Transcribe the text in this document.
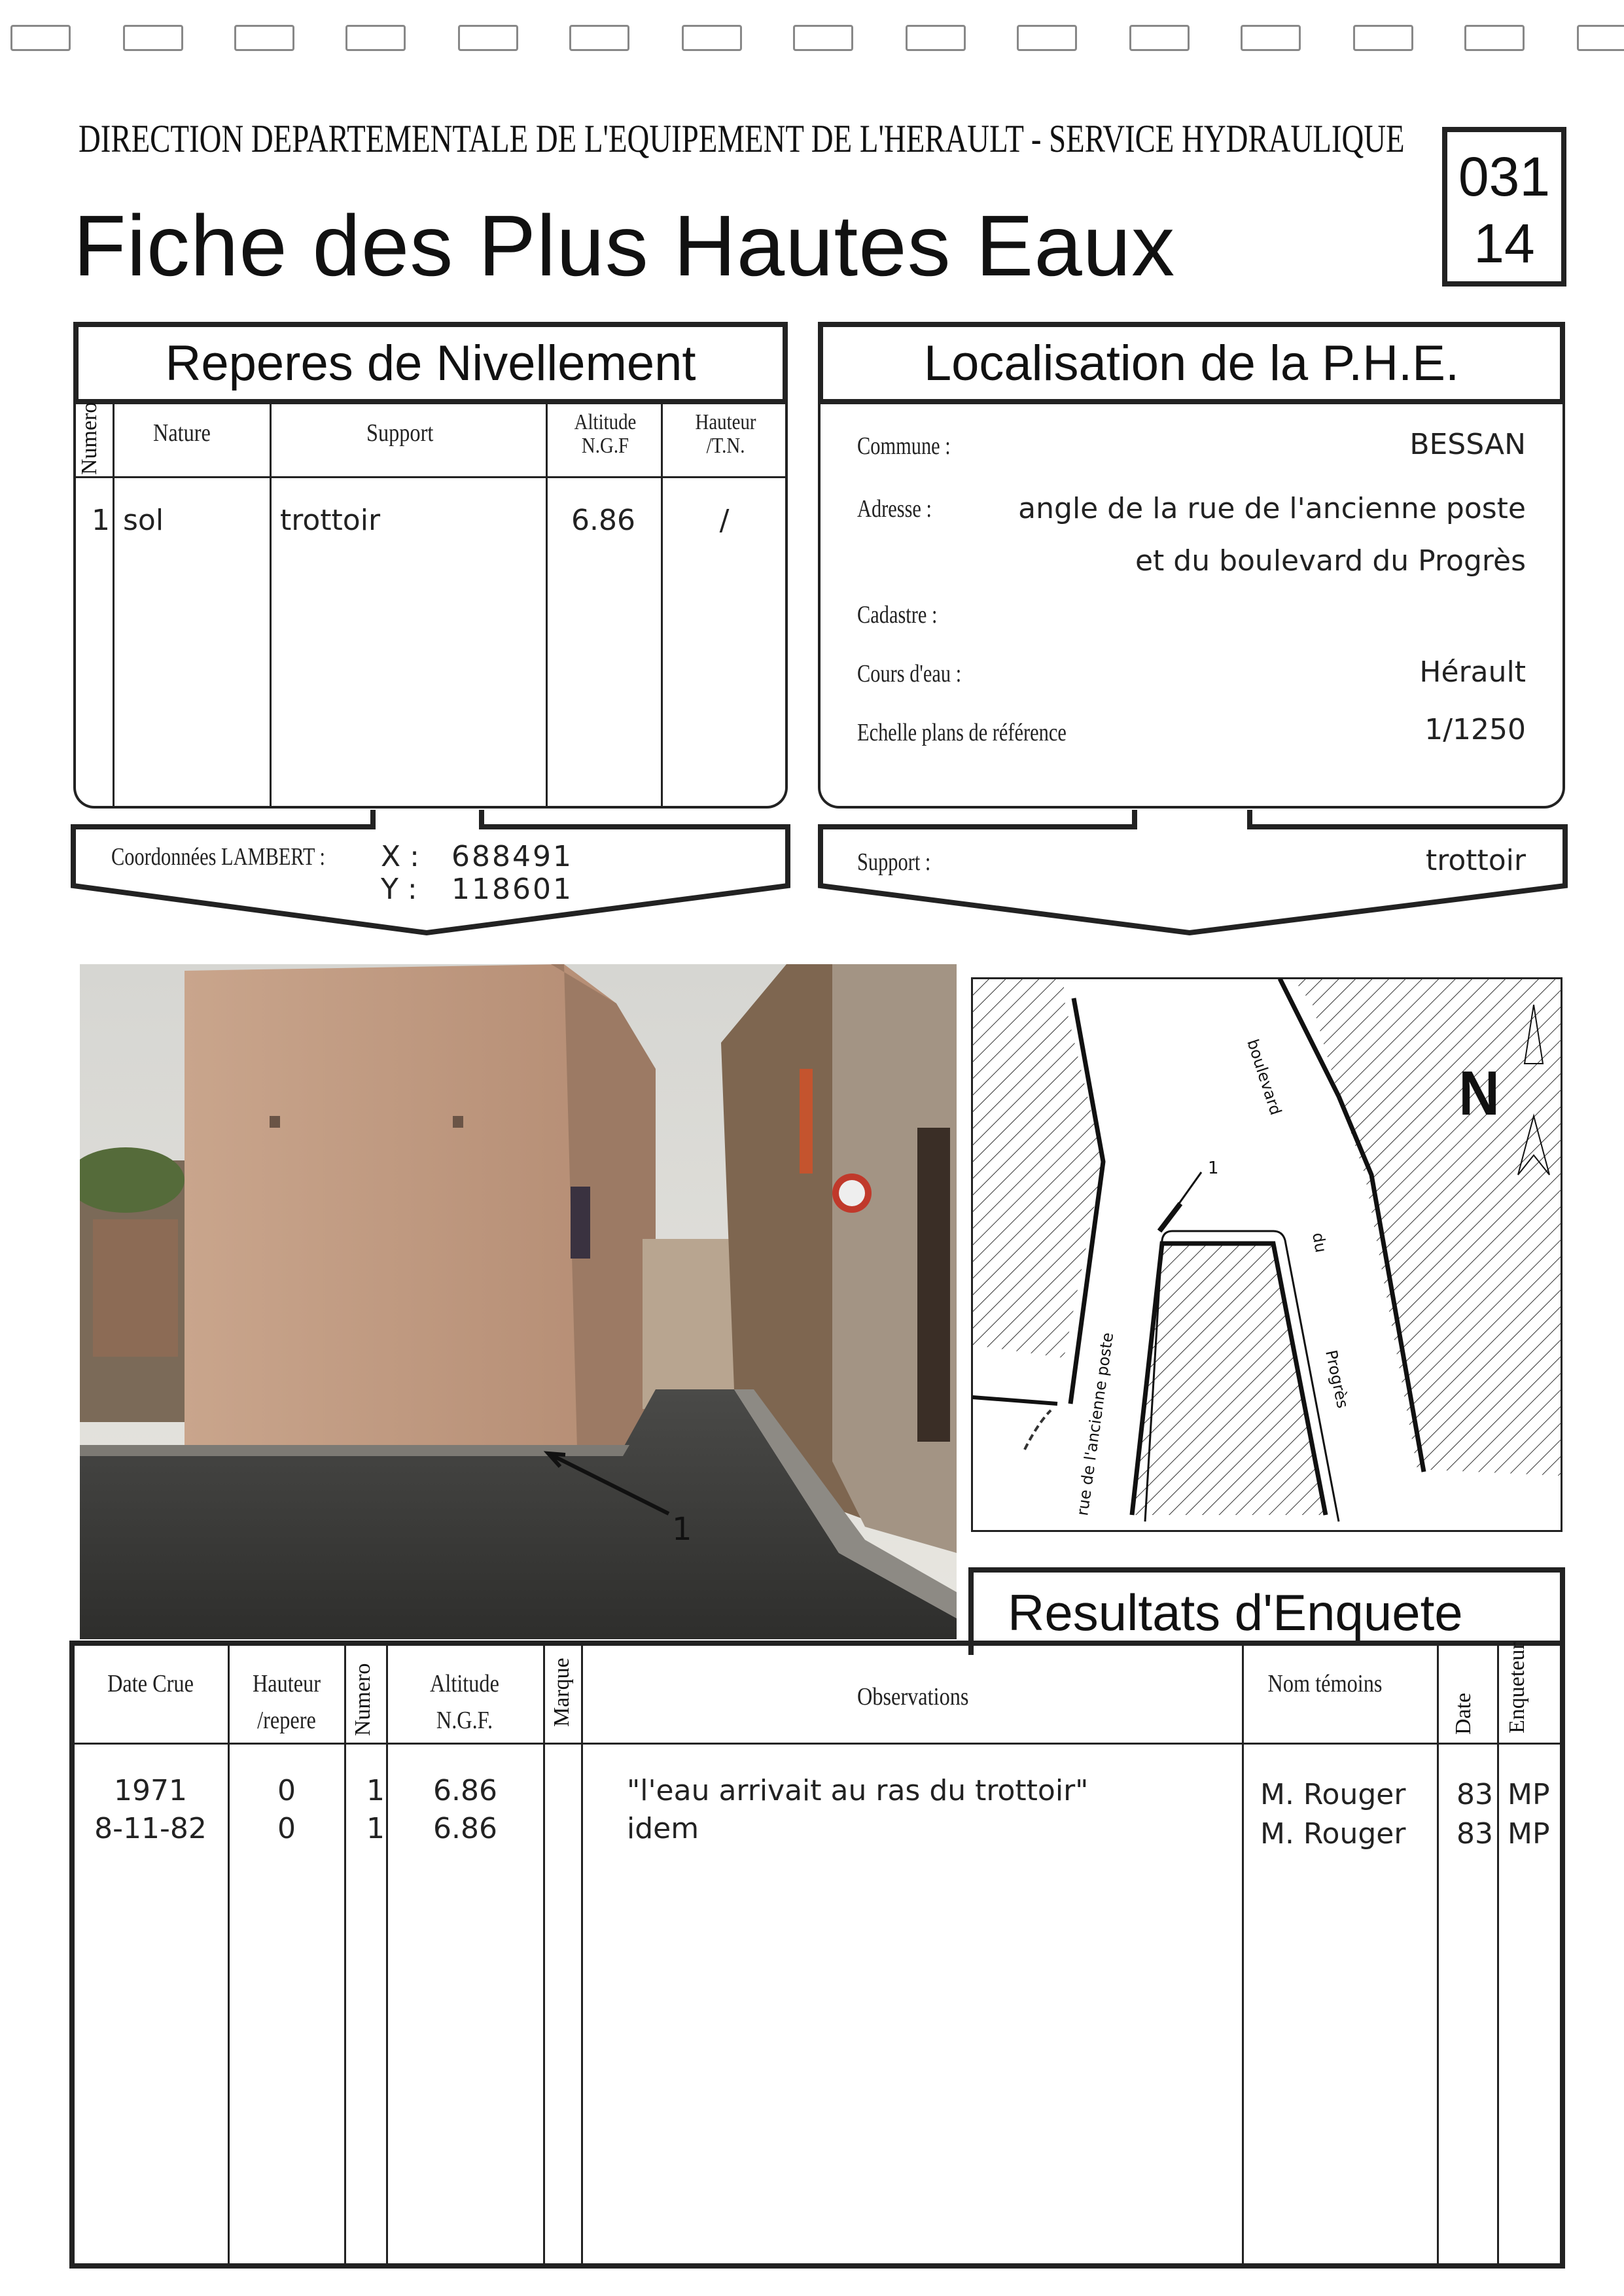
DIRECTION DEPARTEMENTALE DE L'EQUIPEMENT DE L'HERAULT - SERVICE HYDRAULIQUE
Fiche des Plus Hautes Eaux
031
14
Reperes de Nivellement
Numero Nature	Support	Altitude N.G.F
Hauteur /T.N.
1 sol	trottoir	6.86	/
Coordonnées LAMBERT : X : 688491
Y : 118601
Localisation de la P.H.E.
Commune :	BESSAN
Adresse :	angle de la rue de l'ancienne poste
et du boulevard du Progrès
Cadastre :
Cours d'eau :	Hérault
Echelle plans de référence	1/1250
Support :	trottoir
1
1
boulevard
du
Progrès
rue de l'ancienne poste
N
Resultats d'Enquete
Date Crue	Hauteur /repere	Numero	Altitude N.G.F.	Marque	Observations	Nom témoins
Date Enqueteur
1971	0	1	6.86	"l'eau arrivait au ras du trottoir"	M. Rouger	83 MP
8-11-82	0	1	6.86	idem	M. Rouger	83 MP
